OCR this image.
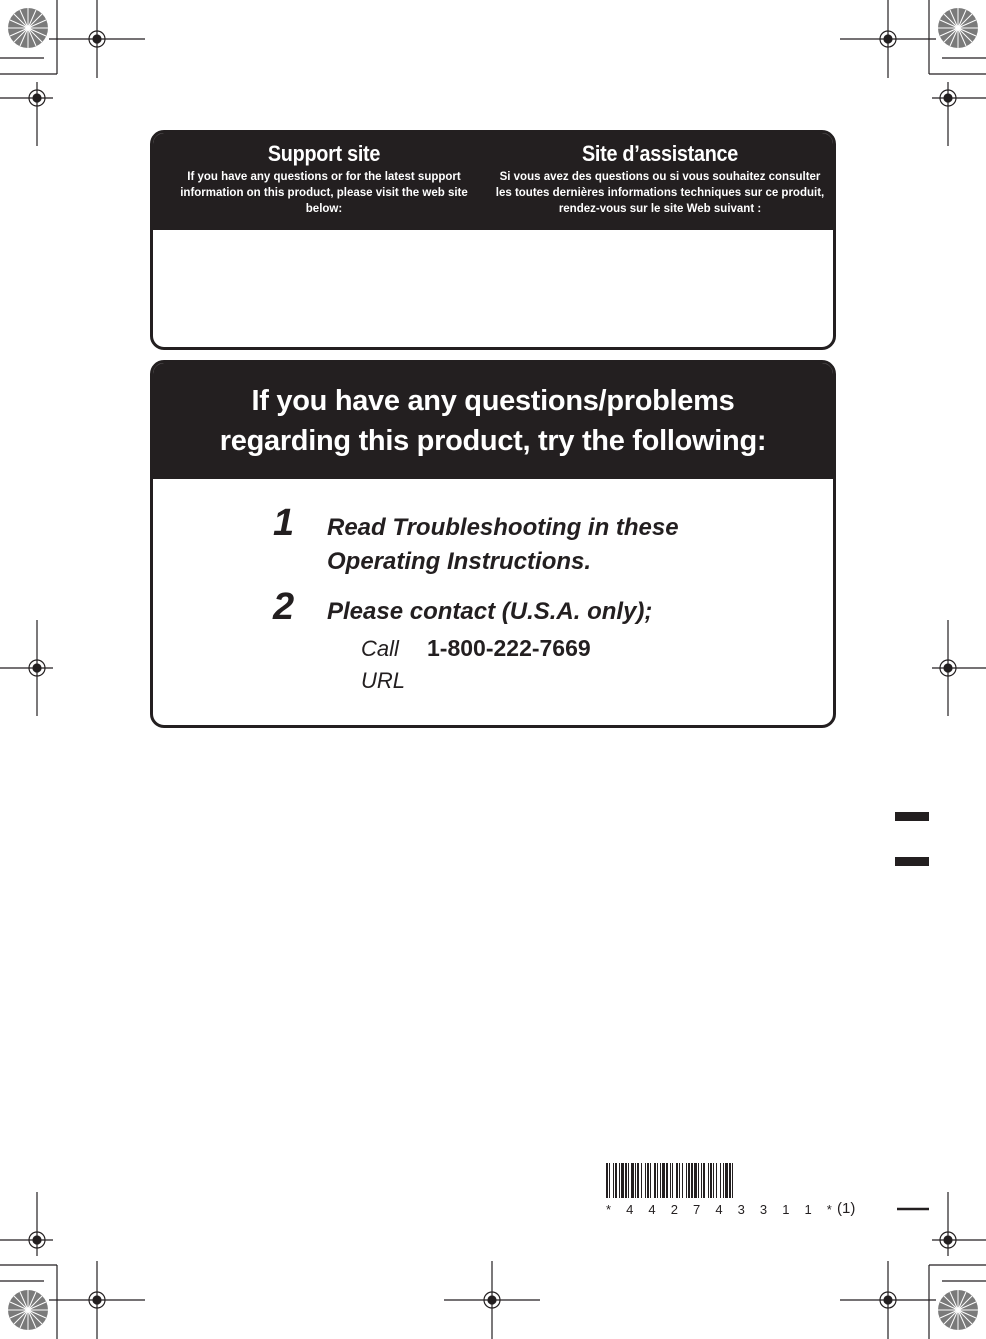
Support site
If you have any questions or for the latest support information on this product, please visit the web site below:
Site d’assistance
Si vous avez des questions ou si vous souhaitez consulter les toutes dernières informations techniques sur ce produit, rendez-vous sur le site Web suivant :
If you have any questions/problems
regarding this product, try the following:
1 Read Troubleshooting in these
Operating Instructions.
2 Please contact (U.S.A. only);
Call 1-800-222-7669
URL
* 4 4 2 7 4 3 3 1 1 * (1)
